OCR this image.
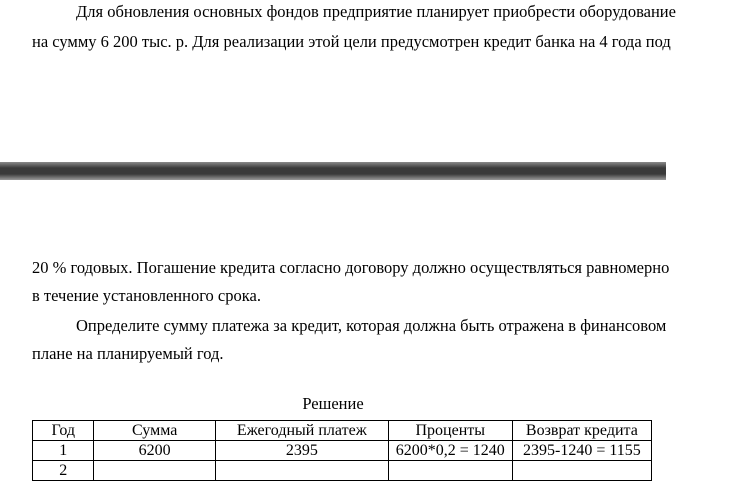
Для обновления основных фондов предприятие планирует приобрести оборудование
на сумму 6 200 тыс. р. Для реализации этой цели предусмотрен кредит банка на 4 года под
20 % годовых. Погашение кредита согласно договору должно осуществляться равномерно
в течение установленного срока.
Определите сумму платежа за кредит, которая должна быть отражена в финансовом
плане на планируемый год.
Решение
Год	Сумма	Ежегодный платеж	Проценты	Возврат кредита
1	6200	2395	6200*0,2 = 1240	2395-1240 = 1155
2				
